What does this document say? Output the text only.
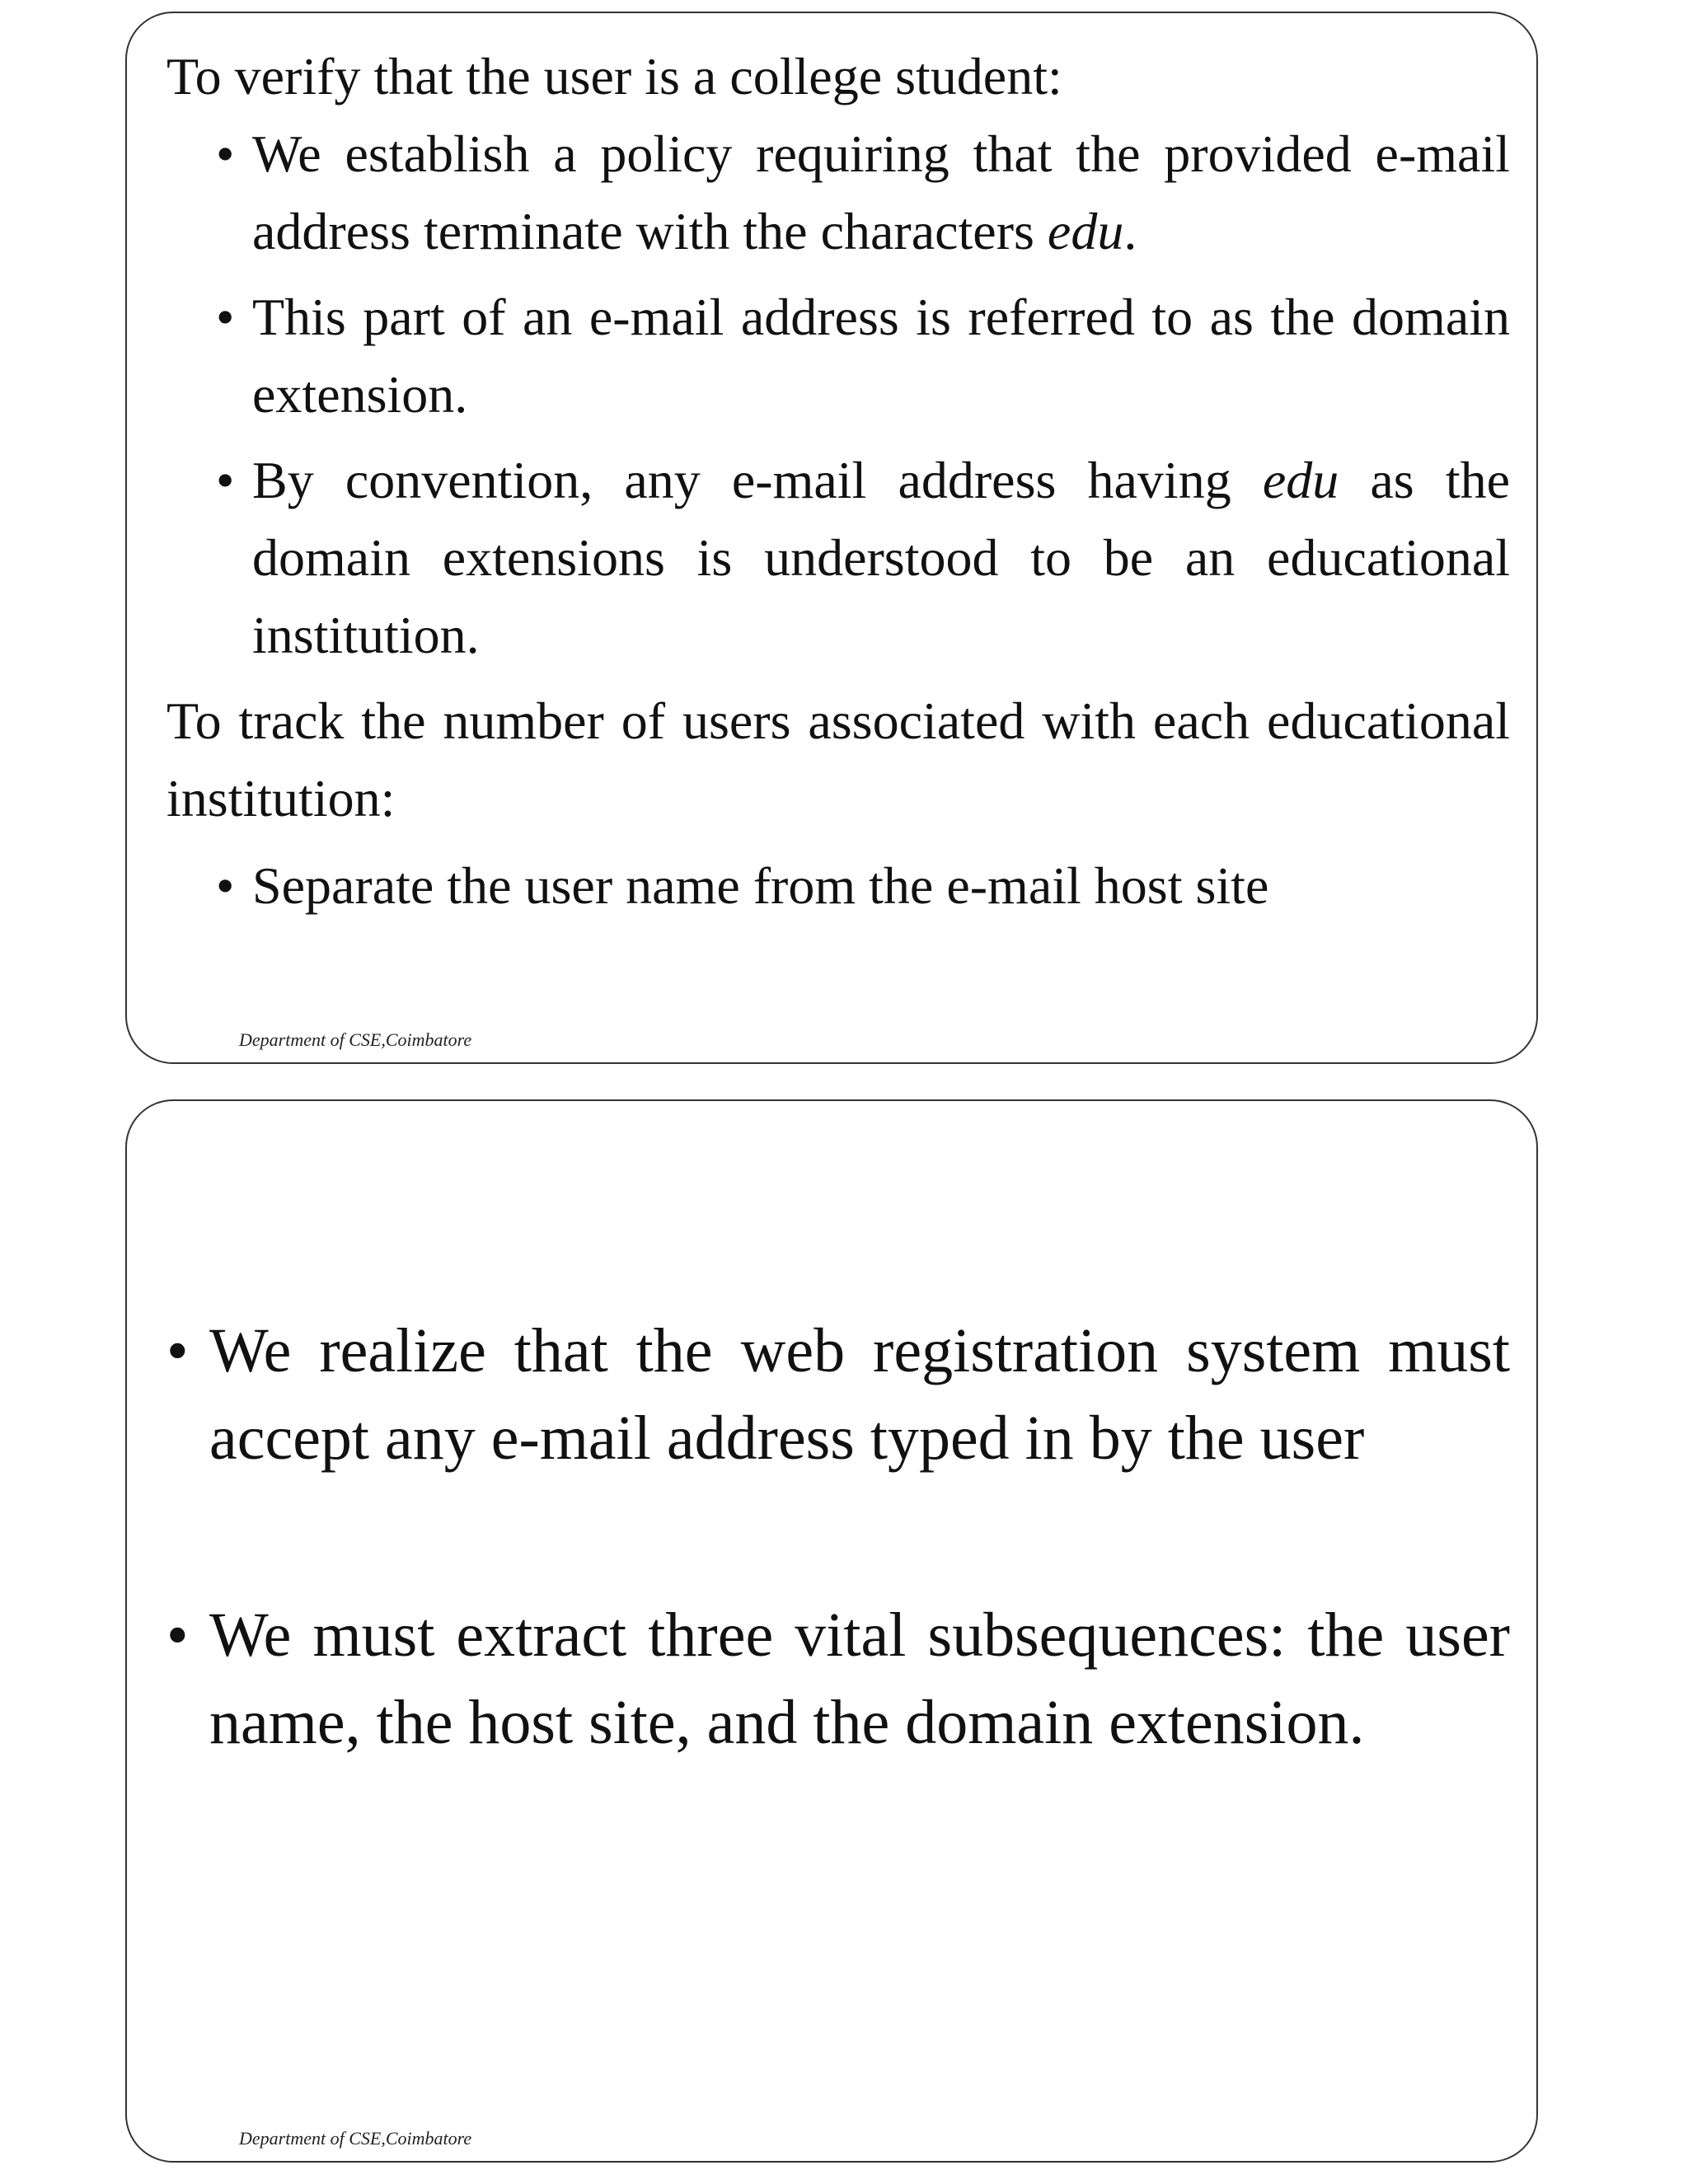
To verify that the user is a college student:

• We establish a policy requiring that the provided e-mail address terminate with the characters edu.
• This part of an e-mail address is referred to as the domain extension.
• By convention, any e-mail address having edu as the domain extensions is understood to be an educational institution.

To track the number of users associated with each educational institution:

• Separate the user name from the e-mail host site
Department of CSE,Coimbatore
• We realize that the web registration system must accept any e-mail address typed in by the user
• We must extract three vital subsequences: the user name, the host site, and the domain extension.
Department of CSE,Coimbatore
